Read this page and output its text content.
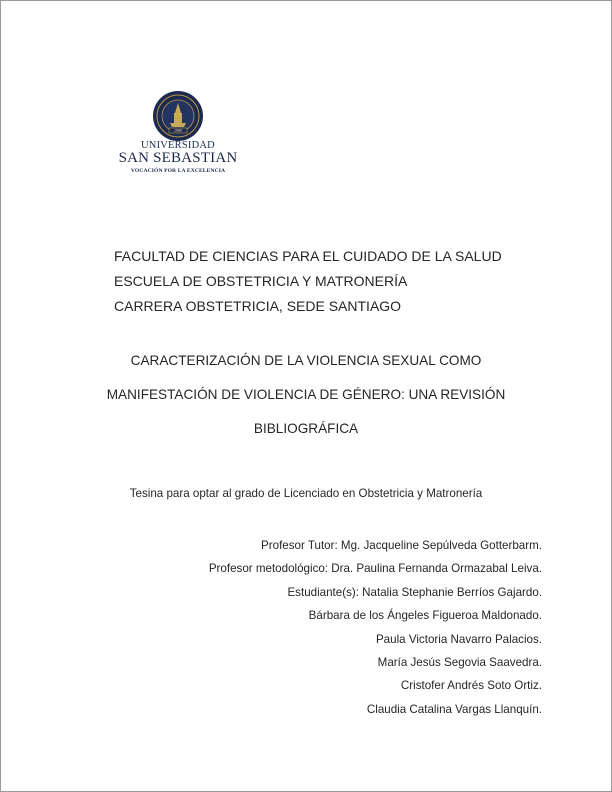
1989
UNIVERSIDAD
SAN SEBASTIAN
VOCACIÓN POR LA EXCELENCIA
FACULTAD DE CIENCIAS PARA EL CUIDADO DE LA SALUD
ESCUELA DE OBSTETRICIA Y MATRONERÍA
CARRERA OBSTETRICIA, SEDE SANTIAGO
CARACTERIZACIÓN DE LA VIOLENCIA SEXUAL COMO
MANIFESTACIÓN DE VIOLENCIA DE GÉNERO: UNA REVISIÓN
BIBLIOGRÁFICA
Tesina para optar al grado de Licenciado en Obstetricia y Matronería
Profesor Tutor: Mg. Jacqueline Sepúlveda Gotterbarm.
Profesor metodológico: Dra. Paulina Fernanda Ormazabal Leiva.
Estudiante(s): Natalia Stephanie Berríos Gajardo.
Bárbara de los Ángeles Figueroa Maldonado.
Paula Victoria Navarro Palacios.
María Jesús Segovia Saavedra.
Cristofer Andrés Soto Ortiz.
Claudia Catalina Vargas Llanquín.
